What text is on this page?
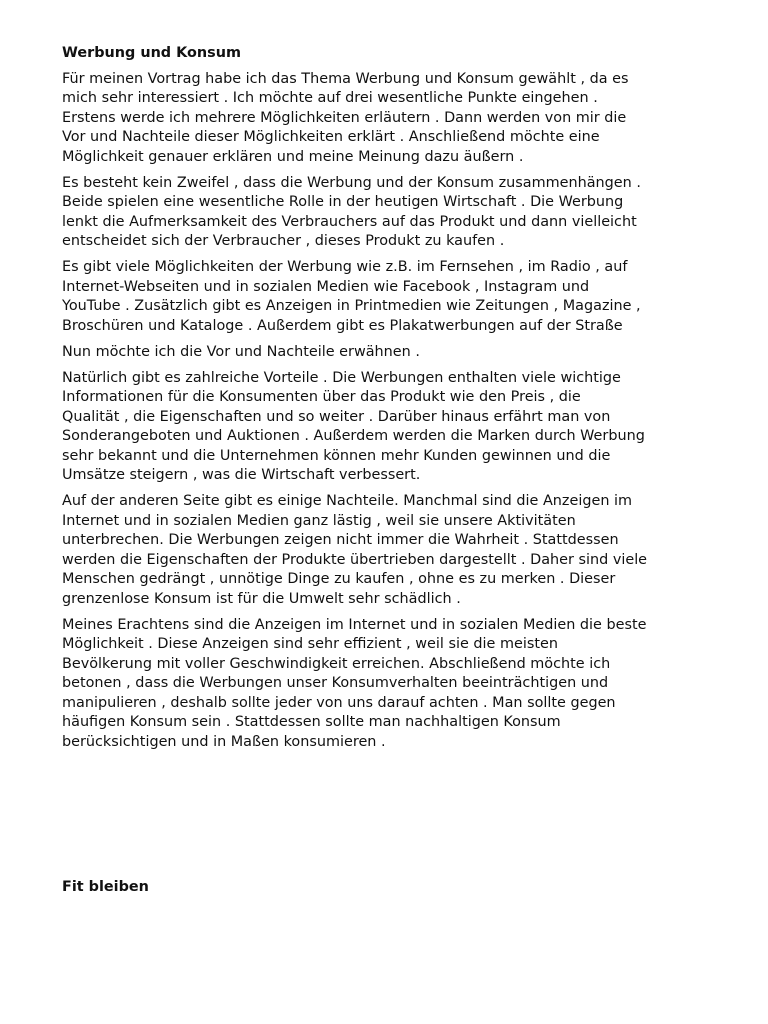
Werbung und Konsum
Für meinen Vortrag habe ich das Thema Werbung und Konsum gewählt , da es
mich sehr interessiert . Ich möchte auf drei wesentliche Punkte eingehen .
Erstens werde ich mehrere Möglichkeiten erläutern . Dann werden von mir die
Vor und Nachteile dieser Möglichkeiten erklärt . Anschließend möchte eine
Möglichkeit genauer erklären und meine Meinung dazu äußern .
Es besteht kein Zweifel , dass die Werbung und der Konsum zusammenhängen .
Beide spielen eine wesentliche Rolle in der heutigen Wirtschaft . Die Werbung
lenkt die Aufmerksamkeit des Verbrauchers auf das Produkt und dann vielleicht
entscheidet sich der Verbraucher , dieses Produkt zu kaufen .
Es gibt viele Möglichkeiten der Werbung wie z.B. im Fernsehen , im Radio , auf
Internet-Webseiten und in sozialen Medien wie Facebook , Instagram und
YouTube . Zusätzlich gibt es Anzeigen in Printmedien wie Zeitungen , Magazine ,
Broschüren und Kataloge . Außerdem gibt es Plakatwerbungen auf der Straße
Nun möchte ich die Vor und Nachteile erwähnen .
Natürlich gibt es zahlreiche Vorteile . Die Werbungen enthalten viele wichtige
Informationen für die Konsumenten über das Produkt wie den Preis , die
Qualität , die Eigenschaften und so weiter . Darüber hinaus erfährt man von
Sonderangeboten und Auktionen . Außerdem werden die Marken durch Werbung
sehr bekannt und die Unternehmen können mehr Kunden gewinnen und die
Umsätze steigern , was die Wirtschaft verbessert.
Auf der anderen Seite gibt es einige Nachteile. Manchmal sind die Anzeigen im
Internet und in sozialen Medien ganz lästig , weil sie unsere Aktivitäten
unterbrechen. Die Werbungen zeigen nicht immer die Wahrheit . Stattdessen
werden die Eigenschaften der Produkte übertrieben dargestellt . Daher sind viele
Menschen gedrängt , unnötige Dinge zu kaufen , ohne es zu merken . Dieser
grenzenlose Konsum ist für die Umwelt sehr schädlich .
Meines Erachtens sind die Anzeigen im Internet und in sozialen Medien die beste
Möglichkeit . Diese Anzeigen sind sehr effizient , weil sie die meisten
Bevölkerung mit voller Geschwindigkeit erreichen. Abschließend möchte ich
betonen , dass die Werbungen unser Konsumverhalten beeinträchtigen und
manipulieren , deshalb sollte jeder von uns darauf achten . Man sollte gegen
häufigen Konsum sein . Stattdessen sollte man nachhaltigen Konsum
berücksichtigen und in Maßen konsumieren .
Fit bleiben
